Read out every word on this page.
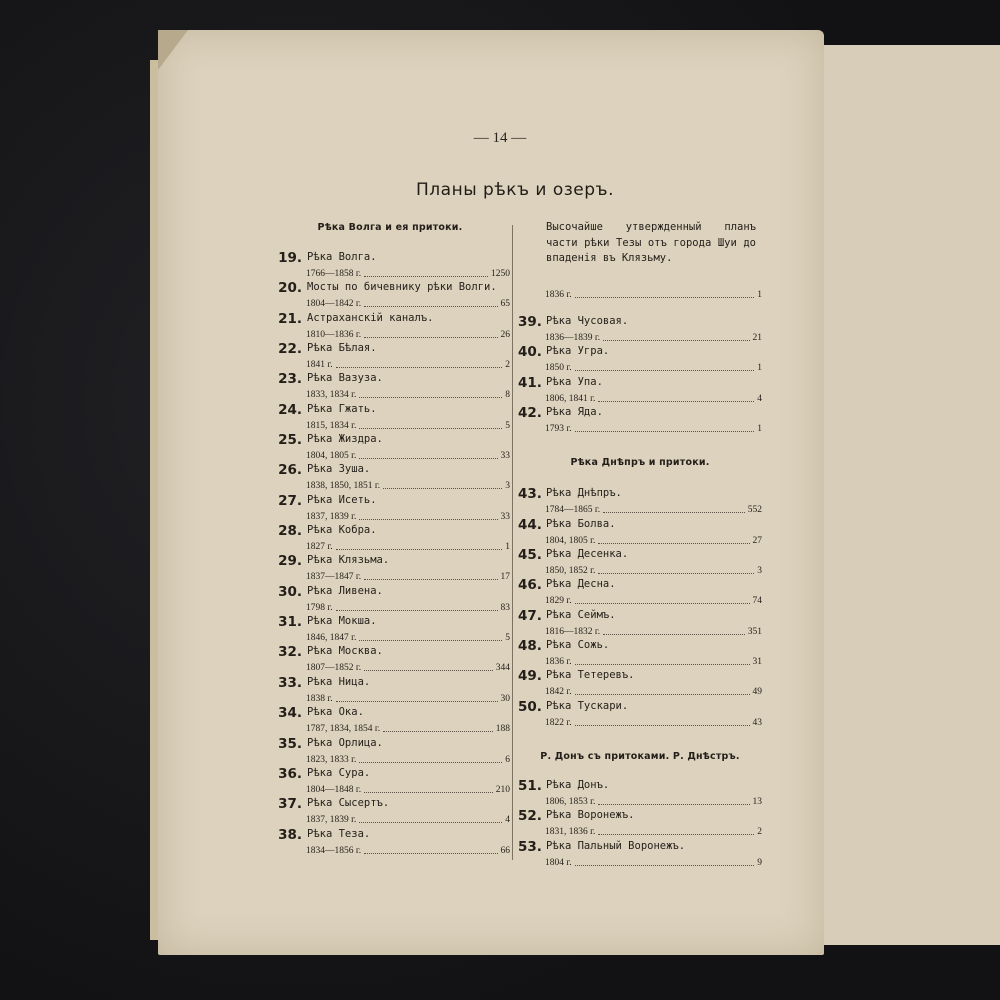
— 14 —
Планы рѣкъ и озеръ.
Рѣка Волга и ея притоки.
19. Рѣка Волга.
1766—1858 г.	1250
20. Мосты по бичевнику рѣки Волги.
1804—1842 г.	65
21. Астраханскій каналъ.
1810—1836 г.	26
22. Рѣка Бѣлая.
1841 г.	2
23. Рѣка Вазуза.
1833, 1834 г.	8
24. Рѣка Гжать.
1815, 1834 г.	5
25. Рѣка Жиздра.
1804, 1805 г.	33
26. Рѣка Зуша.
1838, 1850, 1851 г.	3
27. Рѣка Исеть.
1837, 1839 г.	33
28. Рѣка Кобра.
1827 г.	1
29. Рѣка Клязьма.
1837—1847 г.	17
30. Рѣка Ливена.
1798 г.	83
31. Рѣка Мокша.
1846, 1847 г.	5
32. Рѣка Москва.
1807—1852 г.	344
33. Рѣка Ница.
1838 г.	30
34. Рѣка Ока.
1787, 1834, 1854 г.	188
35. Рѣка Орлица.
1823, 1833 г.	6
36. Рѣка Сура.
1804—1848 г.	210
37. Рѣка Сысертъ.
1837, 1839 г.	4
38. Рѣка Теза.
1834—1856 г.	66
Высочайше утвержденный планъ части рѣки Тезы отъ города Шуи до впаденія въ Клязьму.
1836 г.	1
39. Рѣка Чусовая.
1836—1839 г.	21
40. Рѣка Угра.
1850 г.	1
41. Рѣка Упа.
1806, 1841 г.	4
42. Рѣка Яда.
1793 г.	1
Рѣка Днѣпръ и притоки.
43. Рѣка Днѣпръ.
1784—1865 г.	552
44. Рѣка Болва.
1804, 1805 г.	27
45. Рѣка Десенка.
1850, 1852 г.	3
46. Рѣка Десна.
1829 г.	74
47. Рѣка Сеймъ.
1816—1832 г.	351
48. Рѣка Сожь.
1836 г.	31
49. Рѣка Тетеревъ.
1842 г.	49
50. Рѣка Тускари.
1822 г.	43
Р. Донъ съ притоками. Р. Днѣстръ.
51. Рѣка Донъ.
1806, 1853 г.	13
52. Рѣка Воронежъ.
1831, 1836 г.	2
53. Рѣка Пальный Воронежъ.
1804 г.	9
